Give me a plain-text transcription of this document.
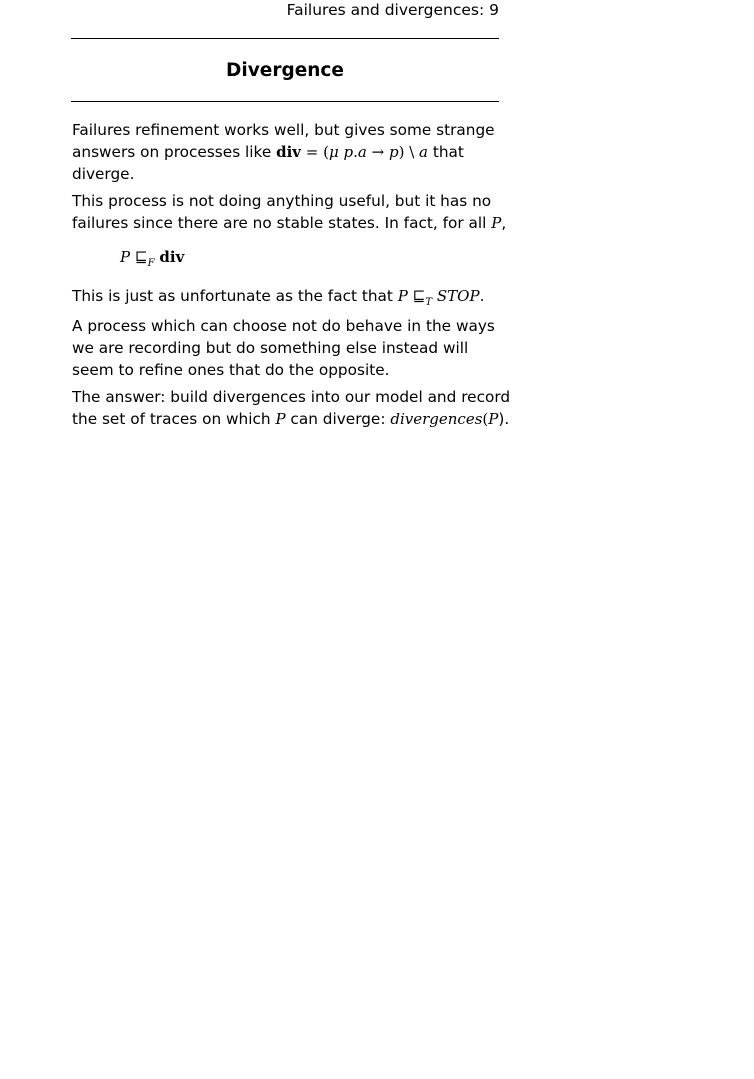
Failures and divergences: 9
Divergence

Failures refinement works well, but gives some strange answers on processes like div = (μ p.a → p) \ a that diverge.

This process is not doing anything useful, but it has no failures since there are no stable states. In fact, for all P,

P $⊑_F$ div

This is just as unfortunate as the fact that P $⊑_T$ STOP.

A process which can choose not do behave in the ways we are recording but do something else instead will seem to refine ones that do the opposite.

The answer: build divergences into our model and record the set of traces on which P can diverge: divergences(P).
